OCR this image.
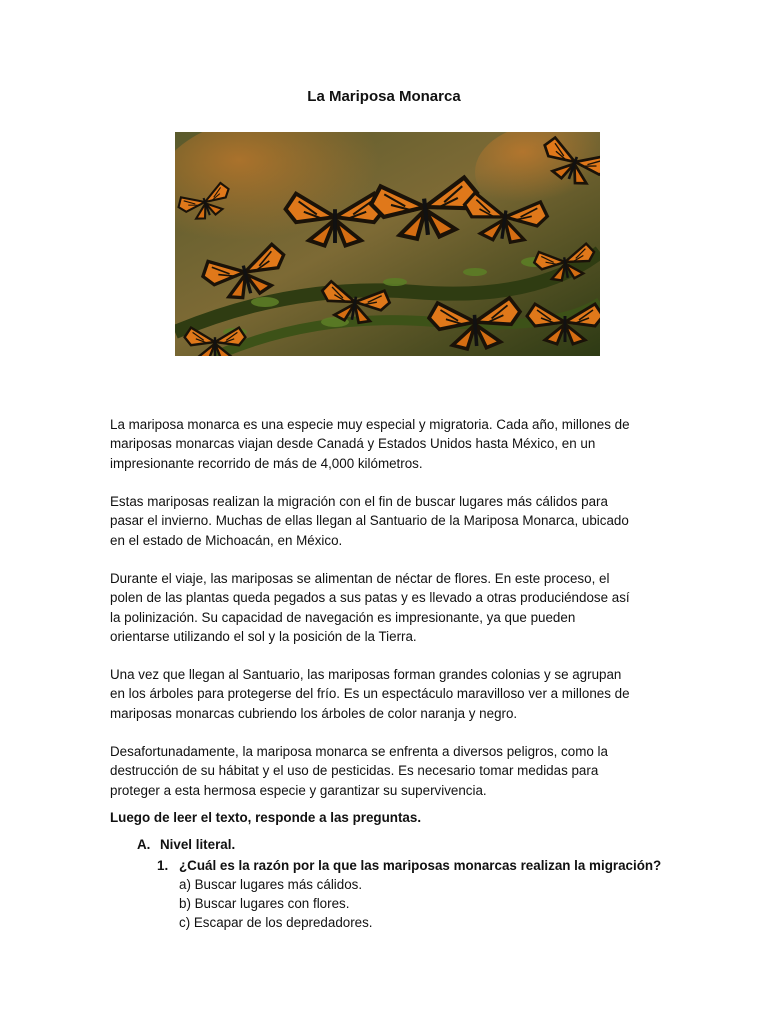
La Mariposa Monarca

La mariposa monarca es una especie muy especial y migratoria. Cada año, millones de

mariposas monarcas viajan desde Canadá y Estados Unidos hasta México, en un

impresionante recorrido de más de 4,000 kilómetros.

Estas mariposas realizan la migración con el fin de buscar lugares más cálidos para

pasar el invierno. Muchas de ellas llegan al Santuario de la Mariposa Monarca, ubicado

en el estado de Michoacán, en México.

Durante el viaje, las mariposas se alimentan de néctar de flores. En este proceso, el

polen de las plantas queda pegados a sus patas y es llevado a otras produciéndose así

la polinización. Su capacidad de navegación es impresionante, ya que pueden

orientarse utilizando el sol y la posición de la Tierra.

Una vez que llegan al Santuario, las mariposas forman grandes colonias y se agrupan

en los árboles para protegerse del frío. Es un espectáculo maravilloso ver a millones de

mariposas monarcas cubriendo los árboles de color naranja y negro.

Desafortunadamente, la mariposa monarca se enfrenta a diversos peligros, como la

destrucción de su hábitat y el uso de pesticidas. Es necesario tomar medidas para

proteger a esta hermosa especie y garantizar su supervivencia.

Luego de leer el texto, responde a las preguntas.
A. Nivel literal.
1. ¿Cuál es la razón por la que las mariposas monarcas realizan la migración?
a) Buscar lugares más cálidos.
b) Buscar lugares con flores.
c) Escapar de los depredadores.
